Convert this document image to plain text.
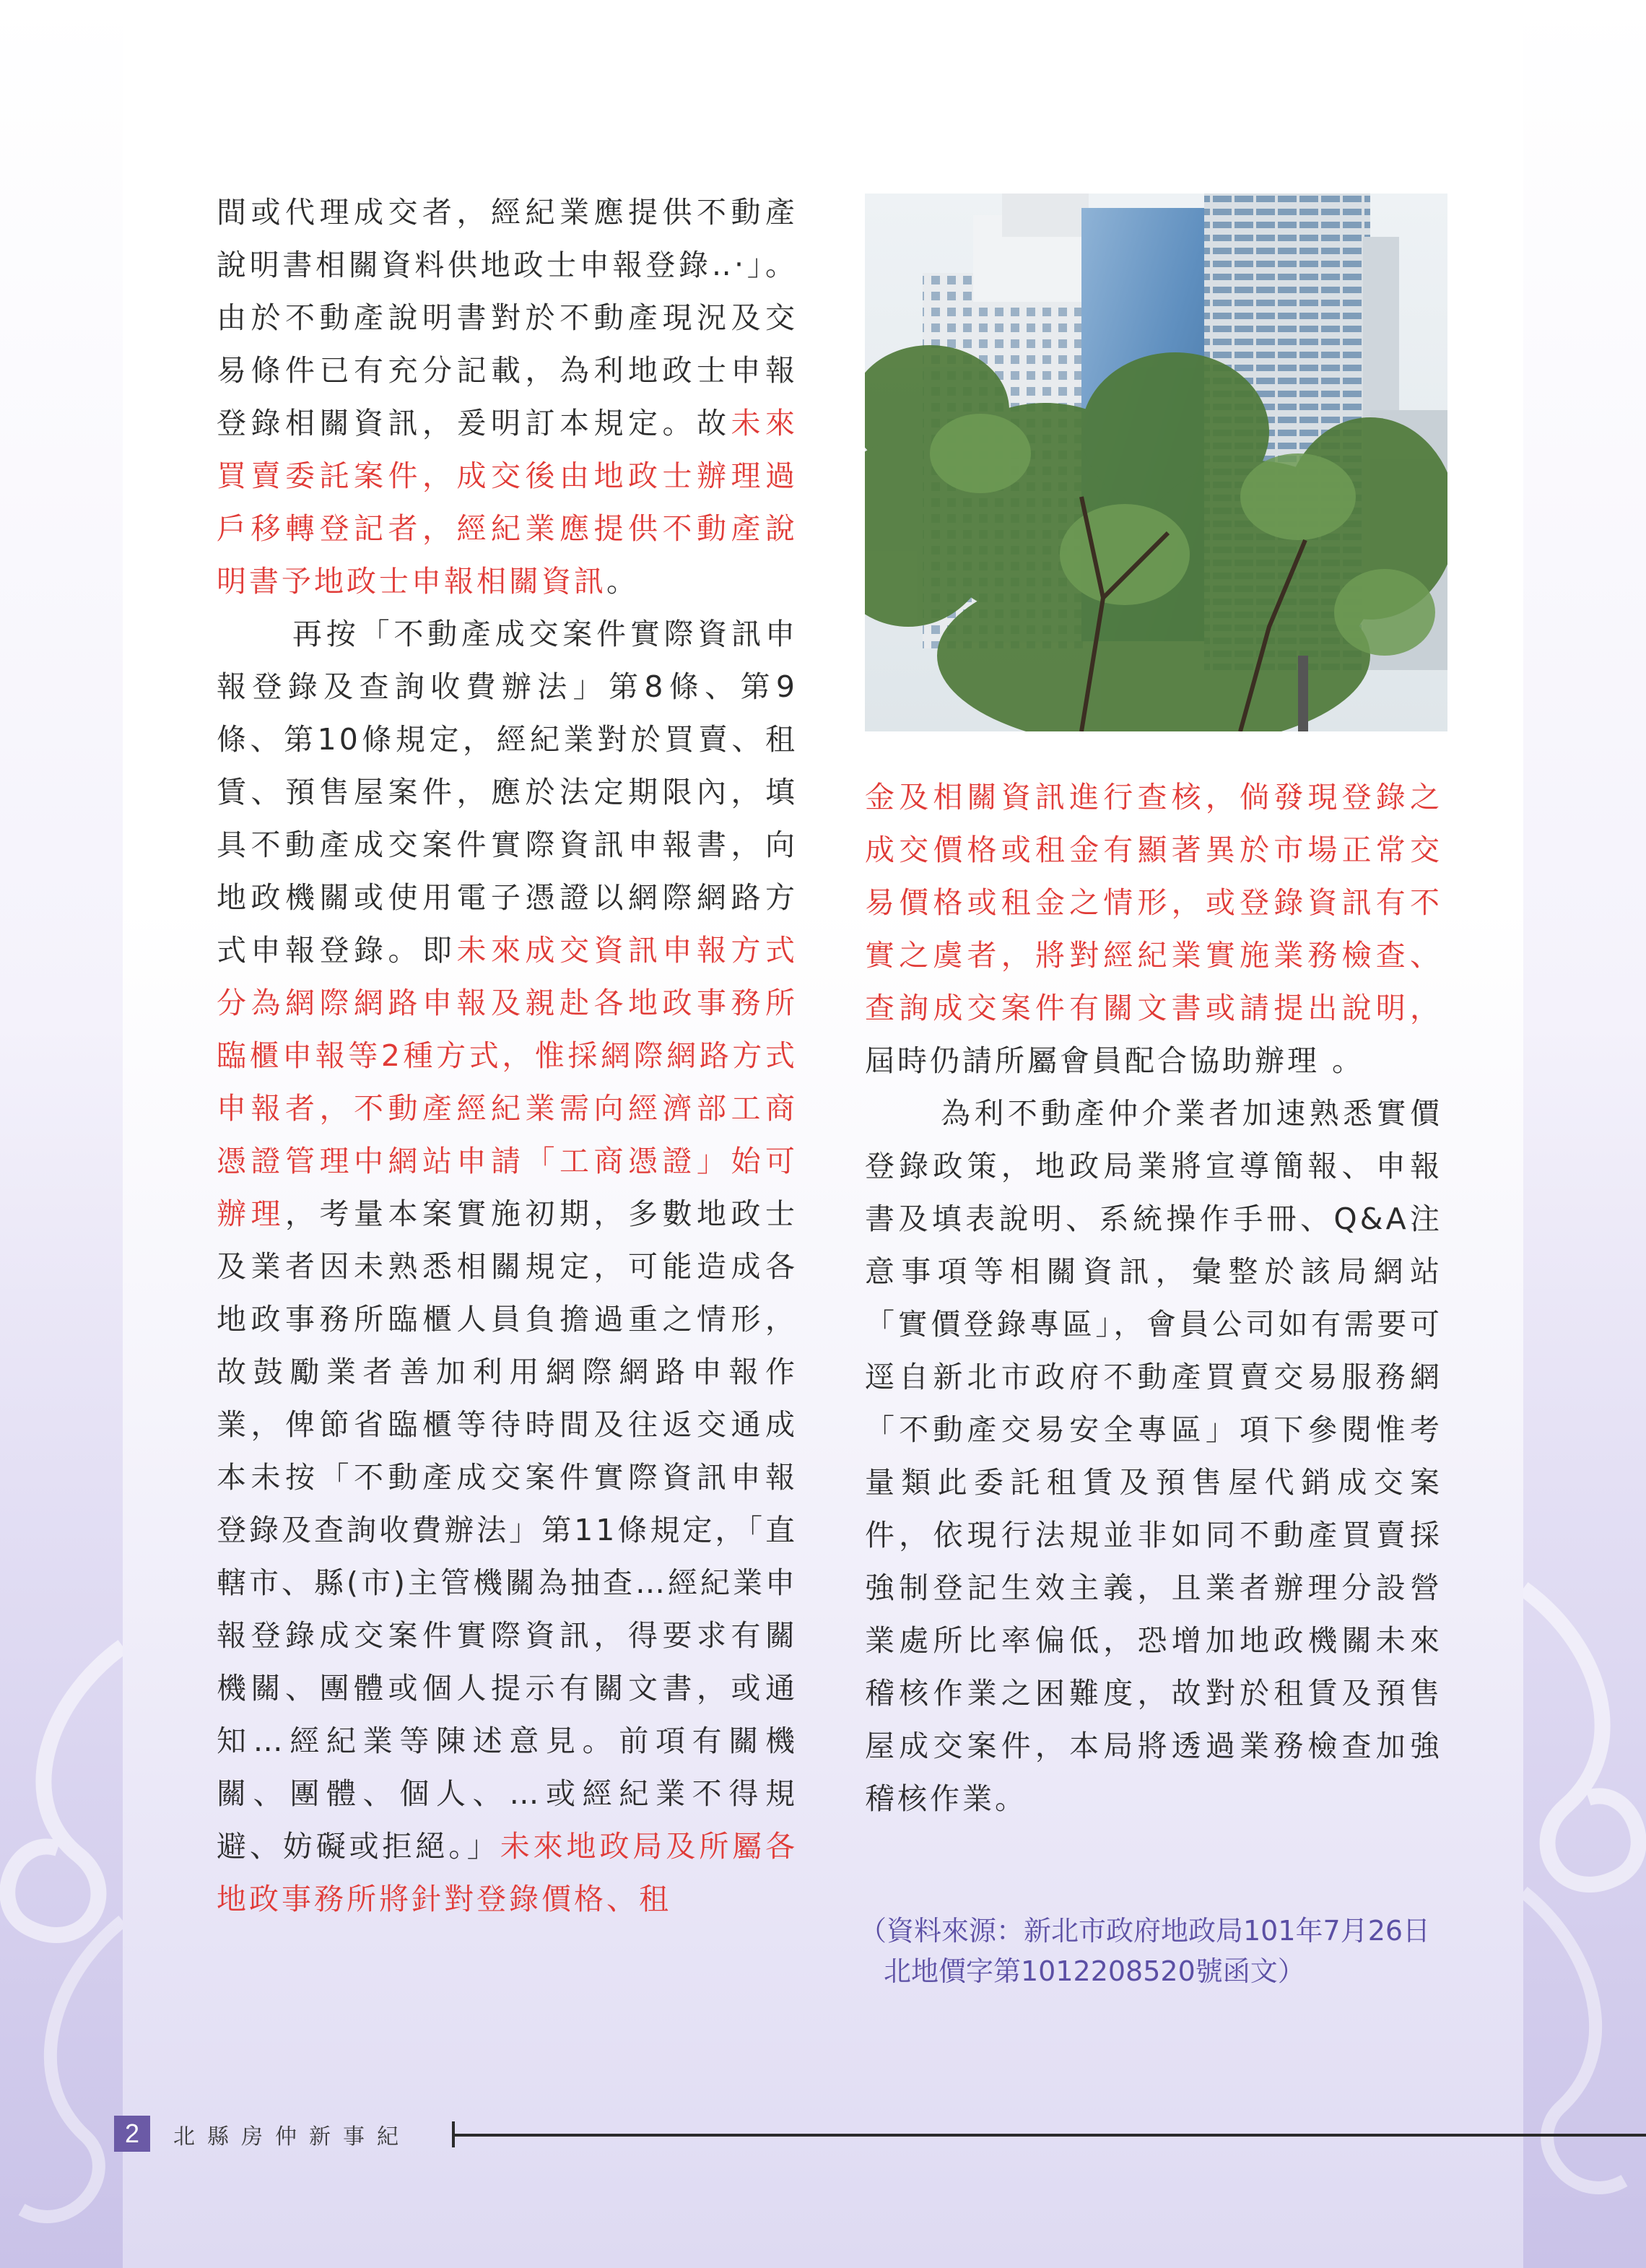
間或代理成交者，經紀業應提供不動產說明書相關資料供地政士申報登錄‥‧」。由於不動產說明書對於不動產現況及交易條件已有充分記載，為利地政士申報登錄相關資訊，爰明訂本規定。故未來買賣委託案件，成交後由地政士辦理過戶移轉登記者，經紀業應提供不動產說明書予地政士申報相關資訊。

再按「不動產成交案件實際資訊申報登錄及查詢收費辦法」第8條、第9條、第10條規定，經紀業對於買賣、租賃、預售屋案件，應於法定期限內，填具不動產成交案件實際資訊申報書，向地政機關或使用電子憑證以網際網路方式申報登錄。即未來成交資訊申報方式分為網際網路申報及親赴各地政事務所臨櫃申報等2種方式，惟採網際網路方式申報者，不動產經紀業需向經濟部工商憑證管理中網站申請「工商憑證」始可辦理，考量本案實施初期，多數地政士及業者因未熟悉相關規定，可能造成各地政事務所臨櫃人員負擔過重之情形，故鼓勵業者善加利用網際網路申報作業，俾節省臨櫃等待時間及往返交通成本未按「不動產成交案件實際資訊申報登錄及查詢收費辦法」第11條規定，「直轄市、縣(市)主管機關為抽查…經紀業申報登錄成交案件實際資訊，得要求有關機關、團體或個人提示有關文書，或通知…經紀業等陳述意見。前項有關機關、團體、個人、…或經紀業不得規避、妨礙或拒絕。」未來地政局及所屬各地政事務所將針對登錄價格、租

金及相關資訊進行查核，倘發現登錄之成交價格或租金有顯著異於市場正常交易價格或租金之情形，或登錄資訊有不實之虞者，將對經紀業實施業務檢查、查詢成交案件有關文書或請提出說明，屆時仍請所屬會員配合協助辦理 。

為利不動產仲介業者加速熟悉實價登錄政策，地政局業將宣導簡報、申報書及填表說明、系統操作手冊、Q&A注意事項等相關資訊，彙整於該局網站「實價登錄專區」，會員公司如有需要可逕自新北市政府不動產買賣交易服務網 「不動產交易安全專區」項下參閱惟考量類此委託租賃及預售屋代銷成交案件，依現行法規並非如同不動產買賣採強制登記生效主義，且業者辦理分設營業處所比率偏低，恐增加地政機關未來稽核作業之困難度，故對於租賃及預售屋成交案件，本局將透過業務檢查加強稽核作業。

（資料來源：新北市政府地政局101年7月26日
北地價字第1012208520號函文）

2	北縣房仲新事紀
